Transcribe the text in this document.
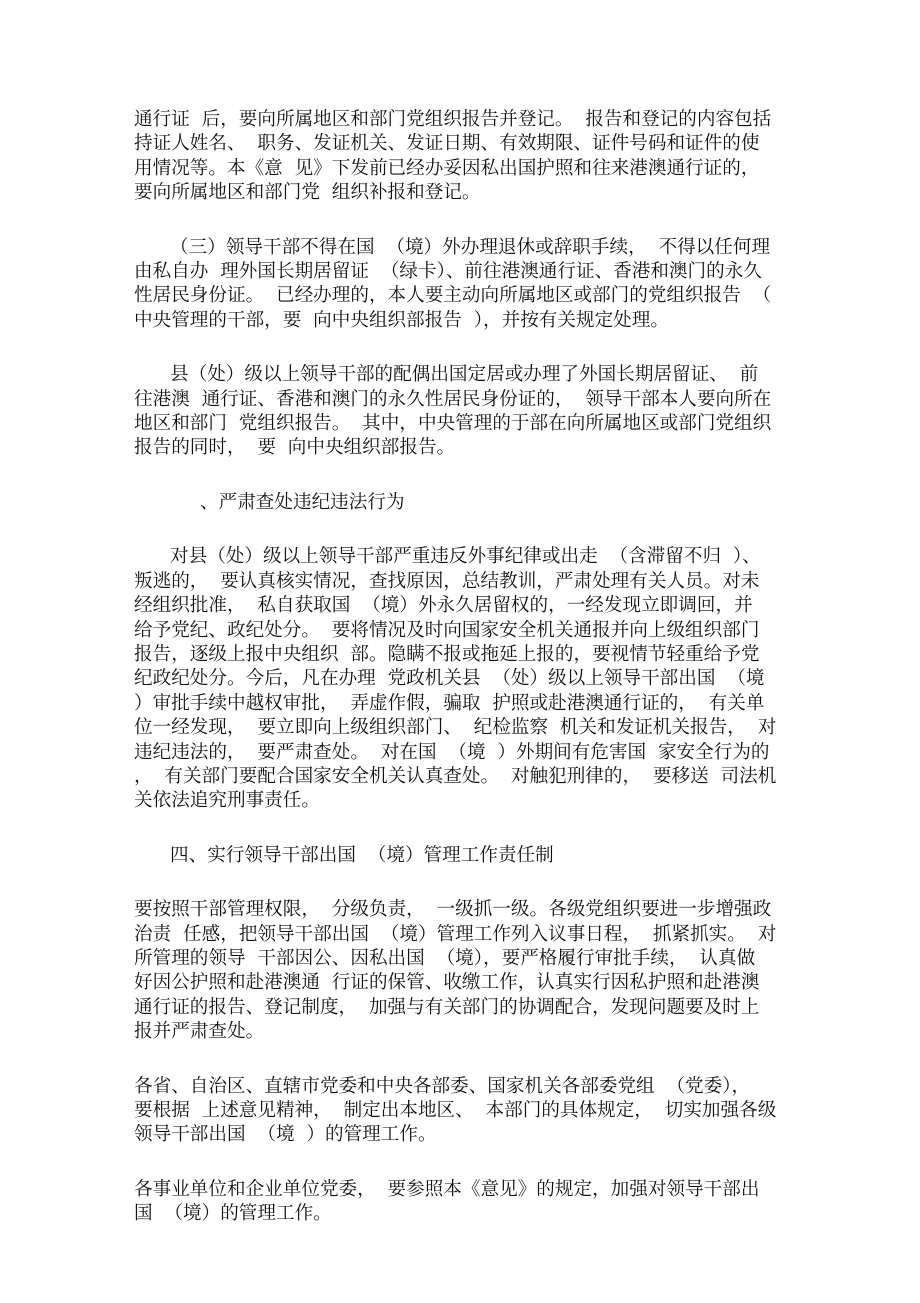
通行证  后，要向所属地区和部门党组织报告并登记。  报告和登记的内容包括
持证人姓名、  职务、发证机关、发证日期、有效期限、证件号码和证件的使
用情况等。本《意  见》下发前已经办妥因私出国护照和往来港澳通行证的，
要向所属地区和部门党  组织补报和登记。
（三）领导干部不得在国  （境）外办理退休或辞职手续，  不得以任何理
由私自办  理外国长期居留证  （绿卡）、前往港澳通行证、香港和澳门的永久
性居民身份证。  已经办理的，本人要主动向所属地区或部门的党组织报告  （
中央管理的干部，要  向中央组织部报告  ），并按有关规定处理。
县（处）级以上领导干部的配偶出国定居或办理了外国长期居留证、  前
往港澳  通行证、香港和澳门的永久性居民身份证的，  领导干部本人要向所在
地区和部门  党组织报告。  其中，中央管理的于部在向所属地区或部门党组织
报告的同时，  要  向中央组织部报告。
、严肃查处违纪违法行为
对县（处）级以上领导干部严重违反外事纪律或出走  （含滞留不归  ）、
叛逃的，  要认真核实情况，查找原因，总结教训，严肃处理有关人员。对未
经组织批准，  私自获取国  （境）外永久居留权的，一经发现立即调回，并
给予党纪、政纪处分。  要将情况及时向国家安全机关通报并向上级组织部门
报告，逐级上报中央组织  部。隐瞒不报或拖延上报的，要视情节轻重给予党
纪政纪处分。今后，凡在办理  党政机关县  （处）级以上领导干部出国  （境
）审批手续中越权审批，  弄虚作假，骗取  护照或赴港澳通行证的，  有关单
位一经发现，  要立即向上级组织部门、  纪检监察  机关和发证机关报告，  对
违纪违法的，  要严肃查处。  对在国  （境  ）外期间有危害国  家安全行为的
，  有关部门要配合国家安全机关认真查处。  对触犯刑律的，  要移送  司法机
关依法追究刑事责任。
四、实行领导干部出国  （境）管理工作责任制
要按照干部管理权限，  分级负责，  一级抓一级。各级党组织要进一步增强政
治责  任感，把领导干部出国  （境）管理工作列入议事日程，  抓紧抓实。  对
所管理的领导  干部因公、因私出国  （境），要严格履行审批手续，  认真做
好因公护照和赴港澳通  行证的保管、收缴工作，认真实行因私护照和赴港澳
通行证的报告、登记制度，  加强与有关部门的协调配合，发现问题要及时上
报并严肃查处。
各省、自治区、直辖市党委和中央各部委、国家机关各部委党组  （党委），
要根据  上述意见精神，  制定出本地区、  本部门的具体规定，  切实加强各级
领导干部出国  （境  ）的管理工作。
各事业单位和企业单位党委，  要参照本《意见》的规定，加强对领导干部出
国  （境）的管理工作。
